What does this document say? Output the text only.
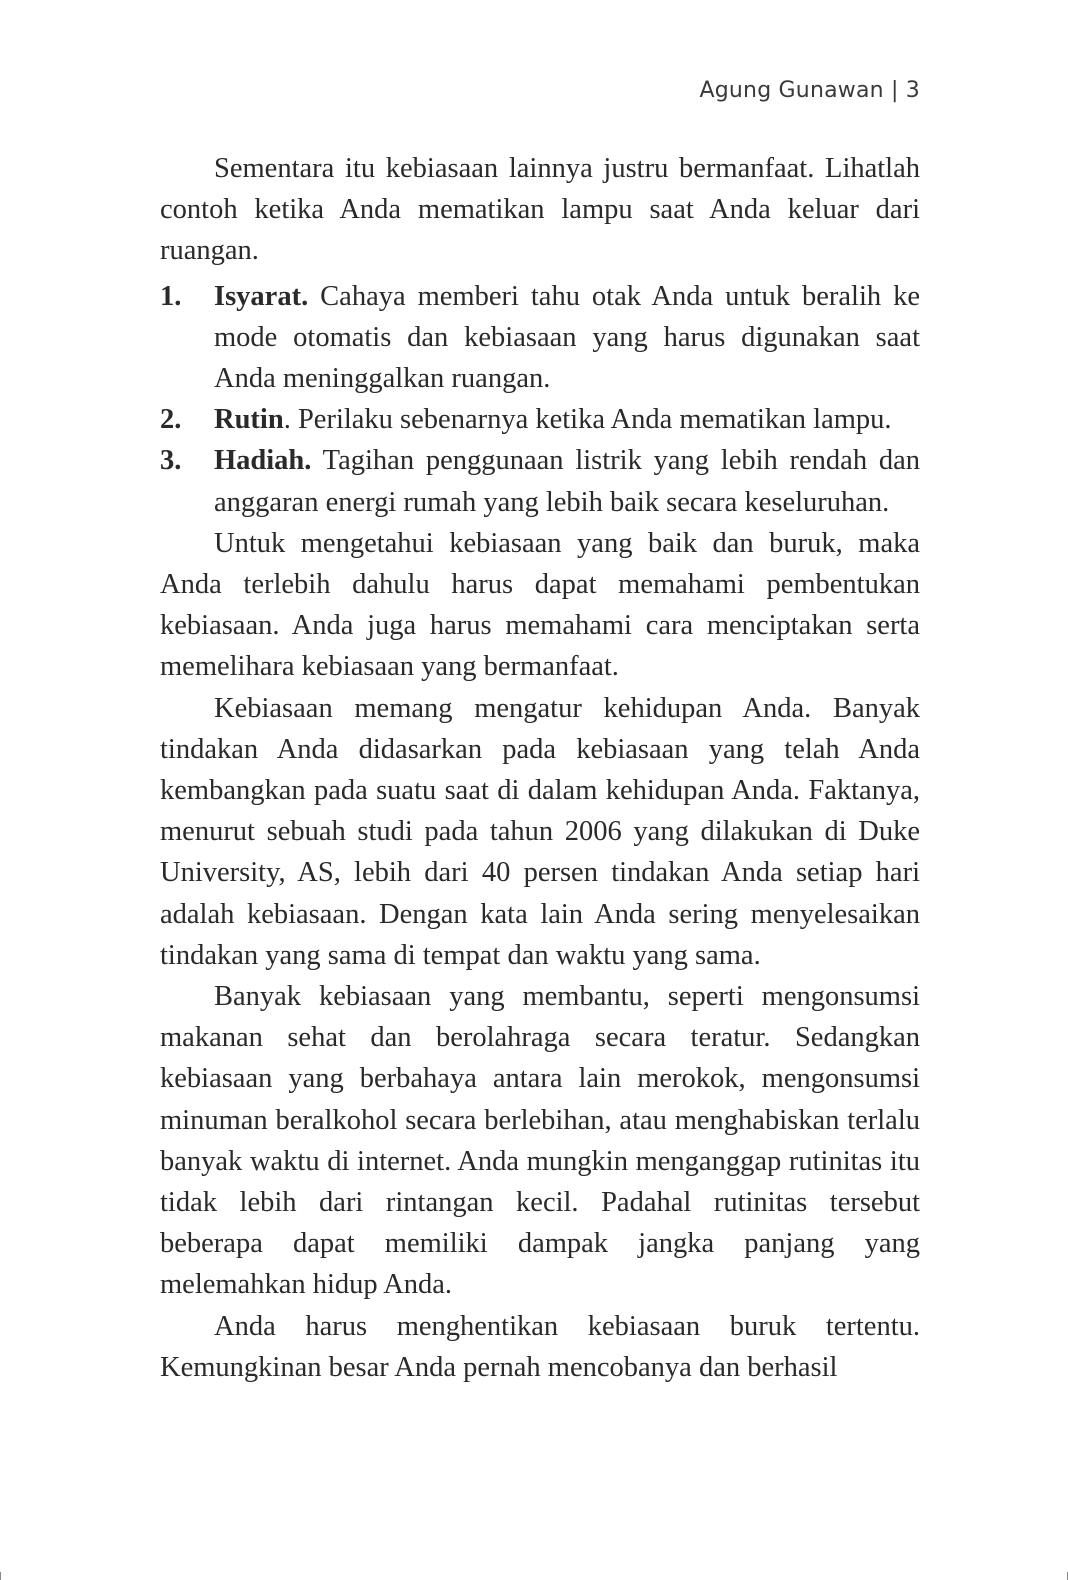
Agung Gunawan | 3

Sementara itu kebiasaan lainnya justru bermanfaat. Lihatlah contoh ketika Anda mematikan lampu saat Anda keluar dari ruangan.

1. Isyarat. Cahaya memberi tahu otak Anda untuk beralih ke mode otomatis dan kebiasaan yang harus digunakan saat Anda meninggalkan ruangan.
2. Rutin. Perilaku sebenarnya ketika Anda mematikan lampu.
3. Hadiah. Tagihan penggunaan listrik yang lebih rendah dan anggaran energi rumah yang lebih baik secara keseluruhan.

Untuk mengetahui kebiasaan yang baik dan buruk, maka Anda terlebih dahulu harus dapat memahami pembentukan kebiasaan. Anda juga harus memahami cara menciptakan serta memelihara kebiasaan yang bermanfaat.

Kebiasaan memang mengatur kehidupan Anda. Banyak tindakan Anda didasarkan pada kebiasaan yang telah Anda kembangkan pada suatu saat di dalam kehidupan Anda. Faktanya, menurut sebuah studi pada tahun 2006 yang dilakukan di Duke University, AS, lebih dari 40 persen tindakan Anda setiap hari adalah kebiasaan. Dengan kata lain Anda sering menyelesaikan tindakan yang sama di tempat dan waktu yang sama.

Banyak kebiasaan yang membantu, seperti mengonsumsi makanan sehat dan berolahraga secara teratur. Sedangkan kebiasaan yang berbahaya antara lain merokok, mengonsumsi minuman beralkohol secara berlebihan, atau menghabiskan terlalu banyak waktu di internet. Anda mungkin menganggap rutinitas itu tidak lebih dari rintangan kecil. Padahal rutinitas tersebut beberapa dapat memiliki dampak jangka panjang yang melemahkan hidup Anda.

Anda harus menghentikan kebiasaan buruk tertentu. Kemungkinan besar Anda pernah mencobanya dan berhasil
